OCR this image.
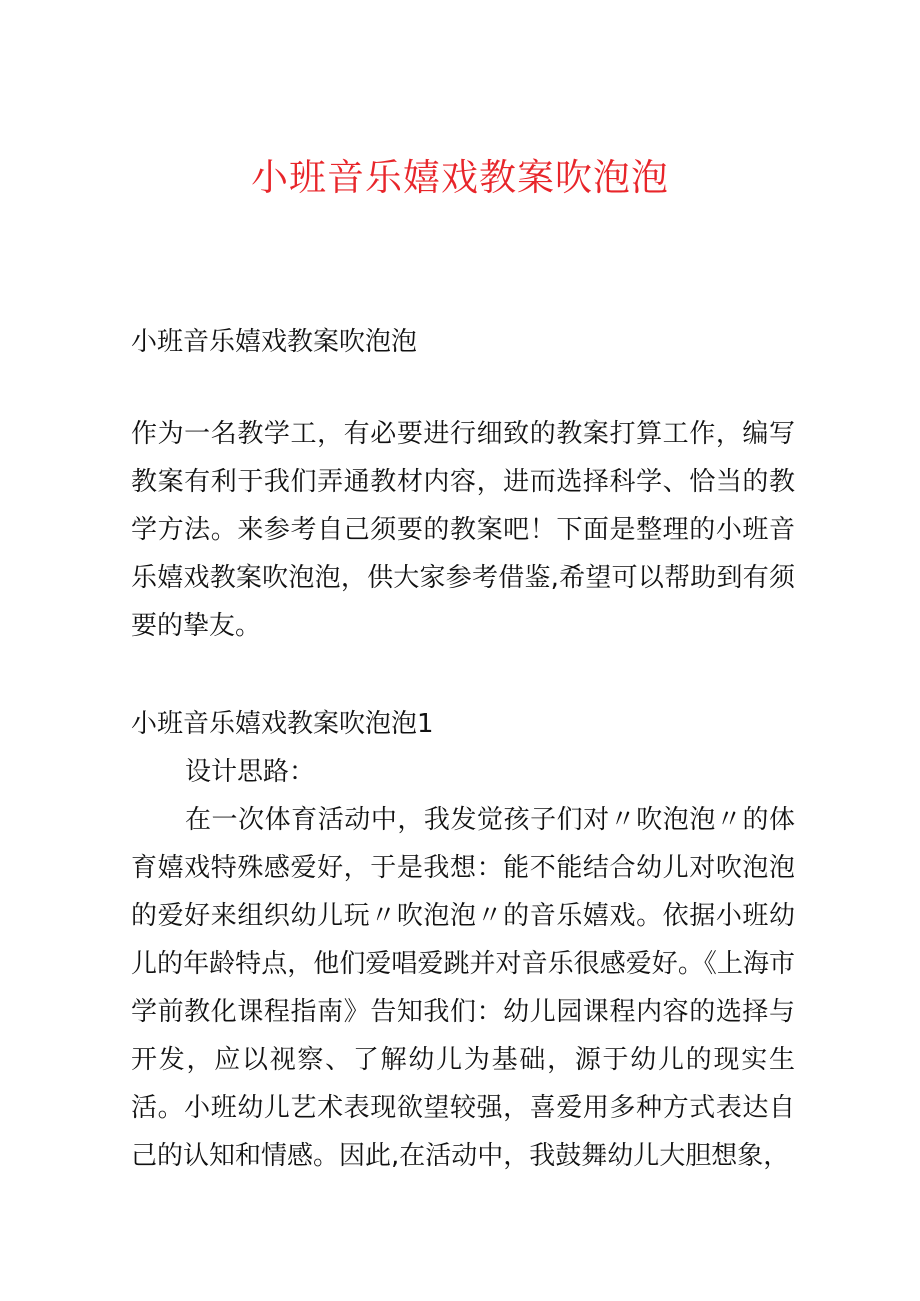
小班音乐嬉戏教案吹泡泡

小班音乐嬉戏教案吹泡泡

作为一名教学工，有必要进行细致的教案打算工作，编写教案有利于我们弄通教材内容，进而选择科学、恰当的教学方法。来参考自己须要的教案吧！下面是整理的小班音乐嬉戏教案吹泡泡，供大家参考借鉴,希望可以帮助到有须要的挚友。

小班音乐嬉戏教案吹泡泡1

设计思路：

在一次体育活动中，我发觉孩子们对〃吹泡泡〃的体育嬉戏特殊感爱好，于是我想：能不能结合幼儿对吹泡泡的爱好来组织幼儿玩〃吹泡泡〃的音乐嬉戏。依据小班幼儿的年龄特点，他们爱唱爱跳并对音乐很感爱好。《上海市学前教化课程指南》告知我们：幼儿园课程内容的选择与开发，应以视察、了解幼儿为基础，源于幼儿的现实生活。小班幼儿艺术表现欲望较强，喜爱用多种方式表达自己的认知和情感。因此,在活动中，我鼓舞幼儿大胆想象，
